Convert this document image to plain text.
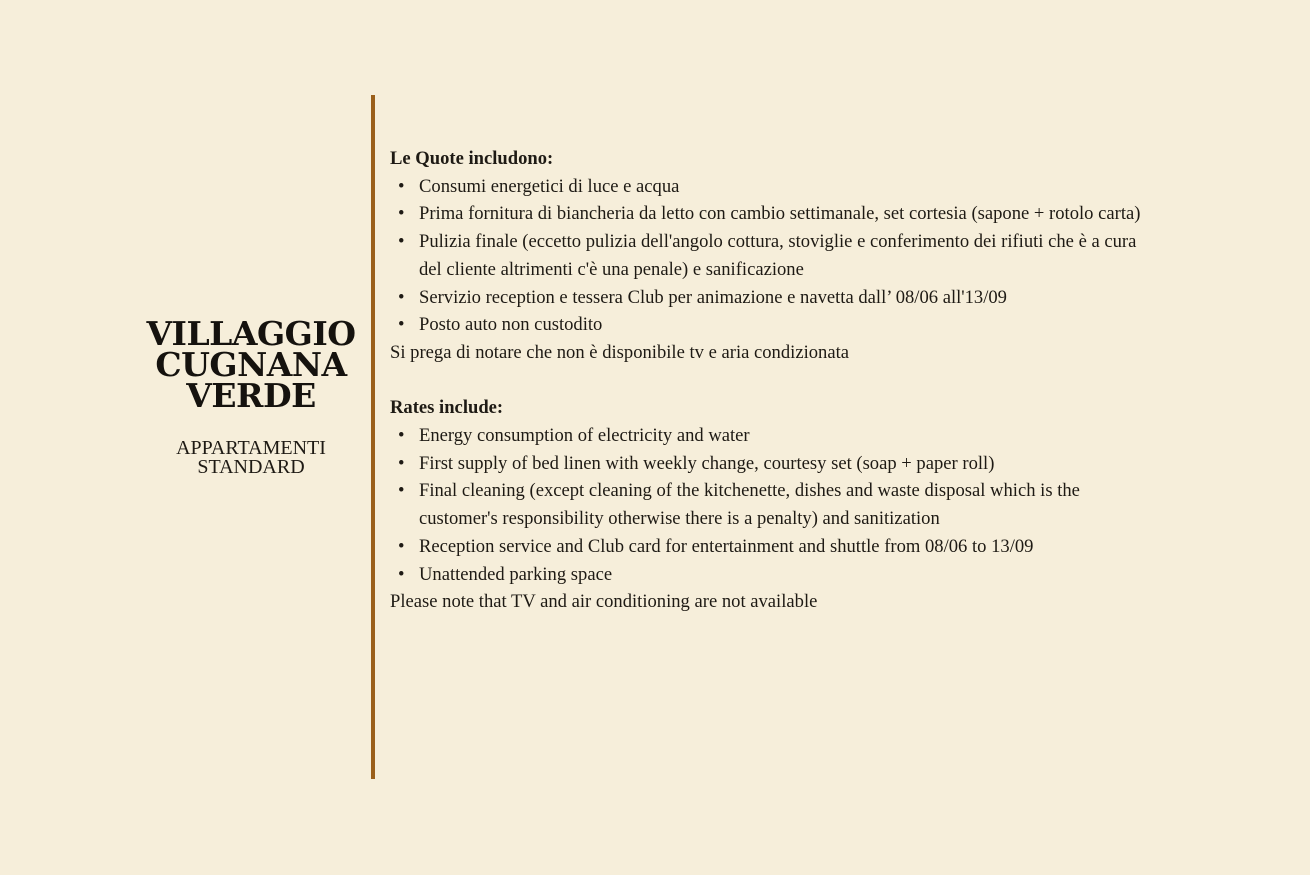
VILLAGGIO
CUGNANA
VERDE
APPARTAMENTI
STANDARD

Le Quote includono:

• Consumi energetici di luce e acqua
• Prima fornitura di biancheria da letto con cambio settimanale, set cortesia (sapone + rotolo carta)
• Pulizia finale (eccetto pulizia dell'angolo cottura, stoviglie e conferimento dei rifiuti che è a cura del cliente altrimenti c'è una penale) e sanificazione
• Servizio reception e tessera Club per animazione e navetta dall’ 08/06 all'13/09
• Posto auto non custodito

Si prega di notare che non è disponibile tv e aria condizionata

Rates include:

• Energy consumption of electricity and water
• First supply of bed linen with weekly change, courtesy set (soap + paper roll)
• Final cleaning (except cleaning of the kitchenette, dishes and waste disposal which is the customer's responsibility otherwise there is a penalty) and sanitization
• Reception service and Club card for entertainment and shuttle from 08/06 to 13/09
• Unattended parking space

Please note that TV and air conditioning are not available
